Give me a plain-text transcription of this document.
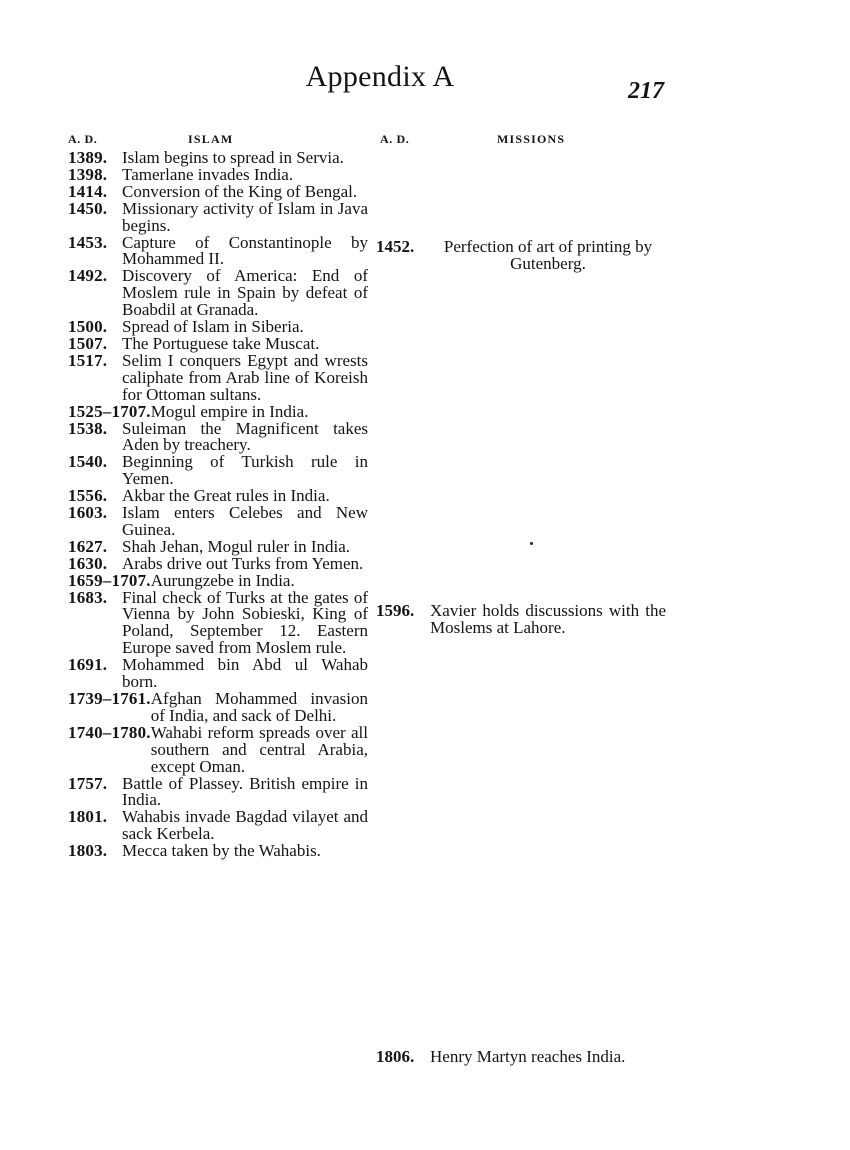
Appendix A	217
A. D.	ISLAM	A. D.	MISSIONS
1389. Islam begins to spread in Servia.
1398. Tamerlane invades India.
1414. Conversion of the King of Bengal.
1450. Missionary activity of Islam in Java begins.
1453. Capture of Constantinople by Mohammed II.
1492. Discovery of America: End of Moslem rule in Spain by defeat of Boabdil at Granada.
1500. Spread of Islam in Siberia.
1507. The Portuguese take Muscat.
1517. Selim I conquers Egypt and wrests caliphate from Arab line of Koreish for Ottoman sultans.
1525–1707. Mogul empire in India.
1538. Suleiman the Magnificent takes Aden by treachery.
1540. Beginning of Turkish rule in Yemen.
1556. Akbar the Great rules in India.
1603. Islam enters Celebes and New Guinea.
1627. Shah Jehan, Mogul ruler in India.
1630. Arabs drive out Turks from Yemen.
1659–1707. Aurungzebe in India.
1683. Final check of Turks at the gates of Vienna by John Sobieski, King of Poland, September 12. Eastern Europe saved from Moslem rule.
1691. Mohammed bin Abd ul Wahab born.
1739–1761. Afghan Mohammed invasion of India, and sack of Delhi.
1740–1780. Wahabi reform spreads over all southern and central Arabia, except Oman.
1757. Battle of Plassey. British empire in India.
1801. Wahabis invade Bagdad vilayet and sack Kerbela.
1803. Mecca taken by the Wahabis.
1452.	Perfection of art of printing by Gutenberg.
1596. Xavier holds discussions with the Moslems at Lahore.
1806. Henry Martyn reaches India.
